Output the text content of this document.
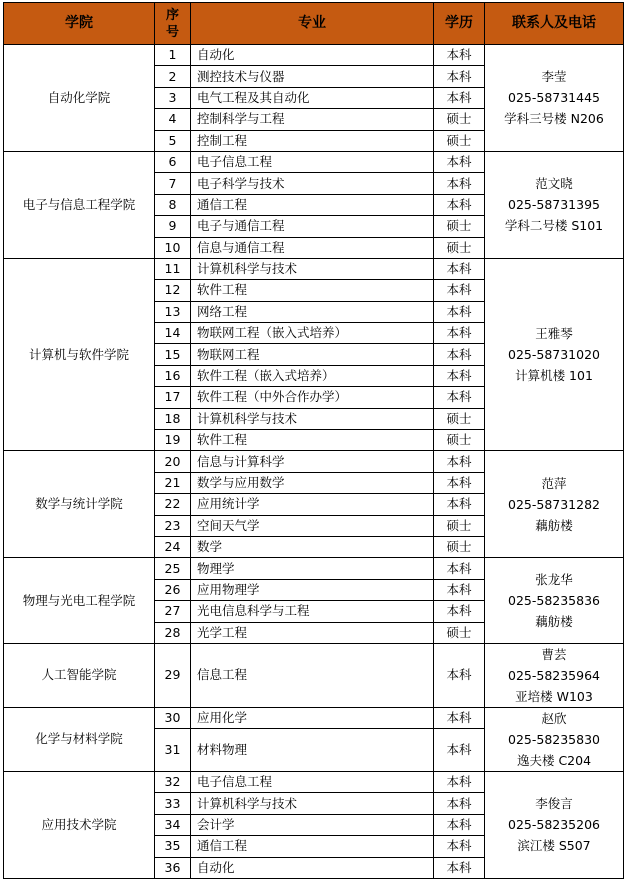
学院	序
号	专业	学历	联系人及电话
自动化学院	1	自动化	本科	李莹
025-58731445
学科三号楼 N206

	2	测控技术与仪器	本科	
	3	电气工程及其自动化	本科	
	4	控制科学与工程	硕士	
	5	控制工程	硕士	
电子与信息工程学院	6	电子信息工程	本科	范文晓
025-58731395
学科二号楼 S101

	7	电子科学与技术	本科	
	8	通信工程	本科	
	9	电子与通信工程	硕士	
	10	信息与通信工程	硕士	
计算机与软件学院	11	计算机科学与技术	本科	王雅琴
025-58731020
计算机楼 101

	12	软件工程	本科	
	13	网络工程	本科	
	14	物联网工程（嵌入式培养）	本科	
	15	物联网工程	本科	
	16	软件工程（嵌入式培养）	本科	
	17	软件工程（中外合作办学）	本科	
	18	计算机科学与技术	硕士	
	19	软件工程	硕士	
数学与统计学院	20	信息与计算科学	本科	范萍
025-58731282
藕舫楼

	21	数学与应用数学	本科	
	22	应用统计学	本科	
	23	空间天气学	硕士	
	24	数学	硕士	
物理与光电工程学院	25	物理学	本科	张龙华
025-58235836
藕舫楼

	26	应用物理学	本科	
	27	光电信息科学与工程	本科	
	28	光学工程	硕士	
人工智能学院	29	信息工程	本科	曹芸
025-58235964
亚培楼 W103

化学与材料学院	30	应用化学	本科	赵欣
025-58235830
逸夫楼 C204

	31	材料物理	本科	

应用技术学院	32	电子信息工程	本科	李俊言
025-58235206
滨江楼 S507

	33	计算机科学与技术	本科	
	34	会计学	本科	
	35	通信工程	本科	
	36	自动化	本科	
